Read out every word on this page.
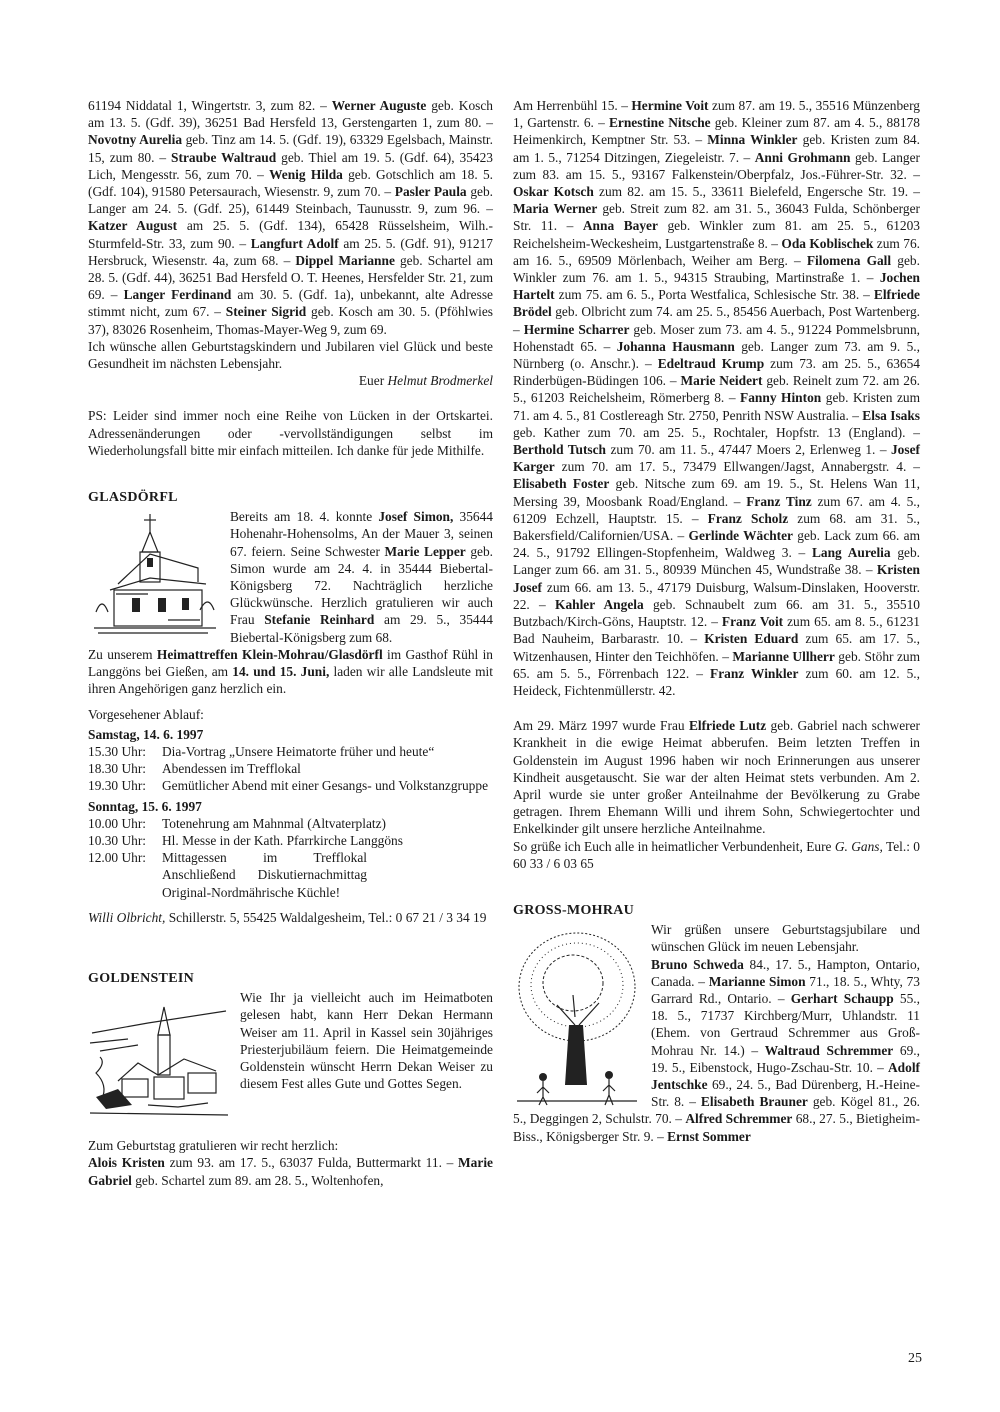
61194 Niddatal 1, Wingertstr. 3, zum 82. – Werner Auguste geb. Kosch am 13. 5. (Gdf. 39), 36251 Bad Hersfeld 13, Gerstengarten 1, zum 80. – Novotny Aurelia geb. Tinz am 14. 5. (Gdf. 19), 63329 Egelsbach, Mainstr. 15, zum 80. – Straube Waltraud geb. Thiel am 19. 5. (Gdf. 64), 35423 Lich, Mengesstr. 56, zum 70. – Wenig Hilda geb. Gotschlich am 18. 5. (Gdf. 104), 91580 Petersaurach, Wiesenstr. 9, zum 70. – Pasler Paula geb. Langer am 24. 5. (Gdf. 25), 61449 Steinbach, Taunusstr. 9, zum 96. – Katzer August am 25. 5. (Gdf. 134), 65428 Rüsselsheim, Wilh.-Sturmfeld-Str. 33, zum 90. – Langfurt Adolf am 25. 5. (Gdf. 91), 91217 Hersbruck, Wiesenstr. 4a, zum 68. – Dippel Marianne geb. Schartel am 28. 5. (Gdf. 44), 36251 Bad Hersfeld O. T. Heenes, Hersfelder Str. 21, zum 69. – Langer Ferdinand am 30. 5. (Gdf. 1a), unbekannt, alte Adresse stimmt nicht, zum 67. – Steiner Sigrid geb. Kosch am 30. 5. (Pföhlwies 37), 83026 Rosenheim, Thomas-Mayer-Weg 9, zum 69.

Ich wünsche allen Geburtstagskindern und Jubilaren viel Glück und beste Gesundheit im nächsten Lebensjahr.

Euer Helmut Brodmerkel

PS: Leider sind immer noch eine Reihe von Lücken in der Ortskartei. Adressenänderungen oder -vervollständigungen selbst im Wiederholungsfall bitte mir einfach mitteilen. Ich danke für jede Mithilfe.

GLASDÖRFL

Bereits am 18. 4. konnte Josef Simon, 35644 Hohenahr-Hohensolms, An der Mauer 3, seinen 67. feiern. Seine Schwester Marie Lepper geb. Simon wurde am 24. 4. in 35444 Biebertal-Königsberg 72. Nachträglich herzliche Glückwünsche. Herzlich gratulieren wir auch Frau Stefanie Reinhard am 29. 5., 35444 Biebertal-Königsberg zum 68.

Zu unserem Heimattreffen Klein-Mohrau/Glasdörfl im Gasthof Rühl in Langgöns bei Gießen, am 14. und 15. Juni, laden wir alle Landsleute mit ihren Angehörigen ganz herzlich ein.

Vorgesehener Ablauf:

Samstag, 14. 6. 1997
15.30 Uhr:	Dia-Vortrag „Unsere Heimatorte früher und heute“
18.30 Uhr:	Abendessen im Trefflokal
19.30 Uhr:	Gemütlicher Abend mit einer Gesangs- und Volkstanzgruppe
Sonntag, 15. 6. 1997
10.00 Uhr:	Totenehrung am Mahnmal (Altvaterplatz)
10.30 Uhr:	Hl. Messe in der Kath. Pfarrkirche Langgöns
12.00 Uhr:	Mittagessen im Trefflokal Anschließend Diskutiernachmittag Original-Nordmährische Küchle!

Willi Olbricht, Schillerstr. 5, 55425 Waldalgesheim, Tel.: 0 67 21 / 3 34 19

GOLDENSTEIN

Wie Ihr ja vielleicht auch im Heimatboten gelesen habt, kann Herr Dekan Hermann Weiser am 11. April in Kassel sein 30jähriges Priesterjubiläum feiern. Die Heimatgemeinde Goldenstein wünscht Herrn Dekan Weiser zu diesem Fest alles Gute und Gottes Segen.

Zum Geburtstag gratulieren wir recht herzlich:

Alois Kristen zum 93. am 17. 5., 63037 Fulda, Buttermarkt 11. – Marie Gabriel geb. Schartel zum 89. am 28. 5., Woltenhofen,

Am Herrenbühl 15. – Hermine Voit zum 87. am 19. 5., 35516 Münzenberg 1, Gartenstr. 6. – Ernestine Nitsche geb. Kleiner zum 87. am 4. 5., 88178 Heimenkirch, Kemptner Str. 53. – Minna Winkler geb. Kristen zum 84. am 1. 5., 71254 Ditzingen, Ziegeleistr. 7. – Anni Grohmann geb. Langer zum 83. am 15. 5., 93167 Falkenstein/Oberpfalz, Jos.-Führer-Str. 32. – Oskar Kotsch zum 82. am 15. 5., 33611 Bielefeld, Engersche Str. 19. – Maria Werner geb. Streit zum 82. am 31. 5., 36043 Fulda, Schönberger Str. 11. – Anna Bayer geb. Winkler zum 81. am 25. 5., 61203 Reichelsheim-Weckesheim, Lustgartenstraße 8. – Oda Koblischek zum 76. am 16. 5., 69509 Mörlenbach, Weiher am Berg. – Filomena Gall geb. Winkler zum 76. am 1. 5., 94315 Straubing, Martinstraße 1. – Jochen Hartelt zum 75. am 6. 5., Porta Westfalica, Schlesische Str. 38. – Elfriede Brödel geb. Olbricht zum 74. am 25. 5., 85456 Auerbach, Post Wartenberg. – Hermine Scharrer geb. Moser zum 73. am 4. 5., 91224 Pommelsbrunn, Hohenstadt 65. – Johanna Hausmann geb. Langer zum 73. am 9. 5., Nürnberg (o. Anschr.). – Edeltraud Krump zum 73. am 25. 5., 63654 Rinderbügen-Büdingen 106. – Marie Neidert geb. Reinelt zum 72. am 26. 5., 61203 Reichelsheim, Römerberg 8. – Fanny Hinton geb. Kristen zum 71. am 4. 5., 81 Costlereagh Str. 2750, Penrith NSW Australia. – Elsa Isaks geb. Kather zum 70. am 25. 5., Rochtaler, Hopfstr. 13 (England). – Berthold Tutsch zum 70. am 11. 5., 47447 Moers 2, Erlenweg 1. – Josef Karger zum 70. am 17. 5., 73479 Ellwangen/Jagst, Annabergstr. 4. – Elisabeth Foster geb. Nitsche zum 69. am 19. 5., St. Helens Wan 11, Mersing 39, Moosbank Road/England. – Franz Tinz zum 67. am 4. 5., 61209 Echzell, Hauptstr. 15. – Franz Scholz zum 68. am 31. 5., Bakersfield/Californien/USA. – Gerlinde Wächter geb. Lack zum 66. am 24. 5., 91792 Ellingen-Stopfenheim, Waldweg 3. – Lang Aurelia geb. Langer zum 66. am 31. 5., 80939 München 45, Wundstraße 38. – Kristen Josef zum 66. am 13. 5., 47179 Duisburg, Walsum-Dinslaken, Hooverstr. 22. – Kahler Angela geb. Schnaubelt zum 66. am 31. 5., 35510 Butzbach/Kirch-Göns, Hauptstr. 12. – Franz Voit zum 65. am 8. 5., 61231 Bad Nauheim, Barbarastr. 10. – Kristen Eduard zum 65. am 17. 5., Witzenhausen, Hinter den Teichhöfen. – Marianne Ullherr geb. Stöhr zum 65. am 5. 5., Förrenbach 122. – Franz Winkler zum 60. am 12. 5., Heideck, Fichtenmüllerstr. 42.

Am 29. März 1997 wurde Frau Elfriede Lutz geb. Gabriel nach schwerer Krankheit in die ewige Heimat abberufen. Beim letzten Treffen in Goldenstein im August 1996 haben wir noch Erinnerungen aus unserer Kindheit ausgetauscht. Sie war der alten Heimat stets verbunden. Am 2. April wurde sie unter großer Anteilnahme der Bevölkerung zu Grabe getragen. Ihrem Ehemann Willi und ihrem Sohn, Schwiegertochter und Enkelkinder gilt unsere herzliche Anteilnahme.

So grüße ich Euch alle in heimatlicher Verbundenheit, Eure G. Gans, Tel.: 0 60 33 / 6 03 65

GROSS-MOHRAU

Wir grüßen unsere Geburtstagsjubilare und wünschen Glück im neuen Lebensjahr.

Bruno Schweda 84., 17. 5., Hampton, Ontario, Canada. – Marianne Simon 71., 18. 5., Whty, 73 Garrard Rd., Ontario. – Gerhart Schaupp 55., 18. 5., 71737 Kirchberg/Murr, Uhlandstr. 11 (Ehem. von Gertraud Schremmer aus Groß-Mohrau Nr. 14.) – Waltraud Schremmer 69., 19. 5., Eibenstock, Hugo-Zschau-Str. 10. – Adolf Jentschke 69., 24. 5., Bad Dürenberg, H.-Heine-Str. 8. – Elisabeth Brauner geb. Kögel 81., 26. 5., Deggingen 2, Schulstr. 70. – Alfred Schremmer 68., 27. 5., Bietigheim-Biss., Königsberger Str. 9. – Ernst Sommer

25
